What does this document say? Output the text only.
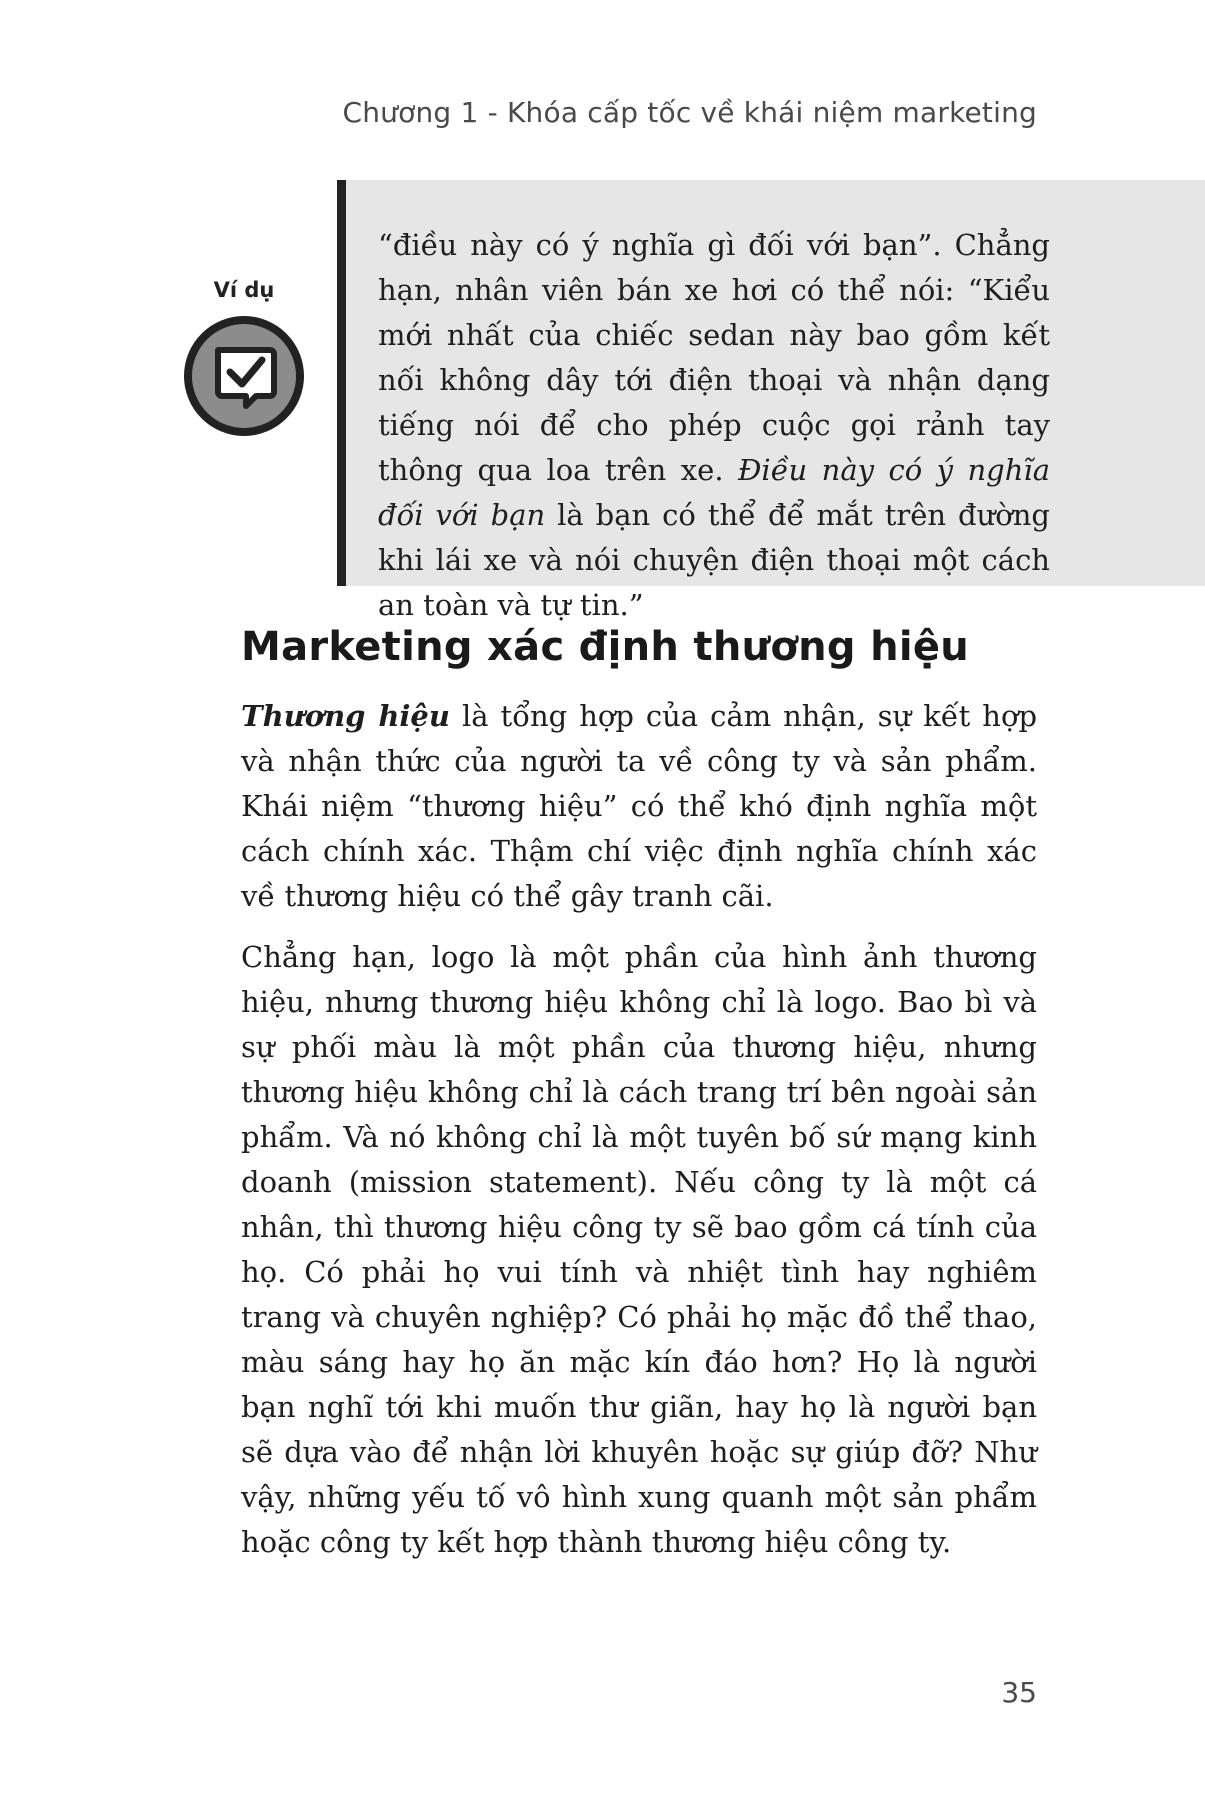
Chương 1 - Khóa cấp tốc về khái niệm marketing
Ví dụ

“điều này có ý nghĩa gì đối với bạn”. Chẳng hạn, nhân viên bán xe hơi có thể nói: “Kiểu mới nhất của chiếc sedan này bao gồm kết nối không dây tới điện thoại và nhận dạng tiếng nói để cho phép cuộc gọi rảnh tay thông qua loa trên xe. Điều này có ý nghĩa đối với bạn là bạn có thể để mắt trên đường khi lái xe và nói chuyện điện thoại một cách an toàn và tự tin.”

Marketing xác định thương hiệu

Thương hiệu là tổng hợp của cảm nhận, sự kết hợp và nhận thức của người ta về công ty và sản phẩm. Khái niệm “thương hiệu” có thể khó định nghĩa một cách chính xác. Thậm chí việc định nghĩa chính xác về thương hiệu có thể gây tranh cãi.

Chẳng hạn, logo là một phần của hình ảnh thương hiệu, nhưng thương hiệu không chỉ là logo. Bao bì và sự phối màu là một phần của thương hiệu, nhưng thương hiệu không chỉ là cách trang trí bên ngoài sản phẩm. Và nó không chỉ là một tuyên bố sứ mạng kinh doanh (mission statement). Nếu công ty là một cá nhân, thì thương hiệu công ty sẽ bao gồm cá tính của họ. Có phải họ vui tính và nhiệt tình hay nghiêm trang và chuyên nghiệp? Có phải họ mặc đồ thể thao, màu sáng hay họ ăn mặc kín đáo hơn? Họ là người bạn nghĩ tới khi muốn thư giãn, hay họ là người bạn sẽ dựa vào để nhận lời khuyên hoặc sự giúp đỡ? Như vậy, những yếu tố vô hình xung quanh một sản phẩm hoặc công ty kết hợp thành thương hiệu công ty.

35
